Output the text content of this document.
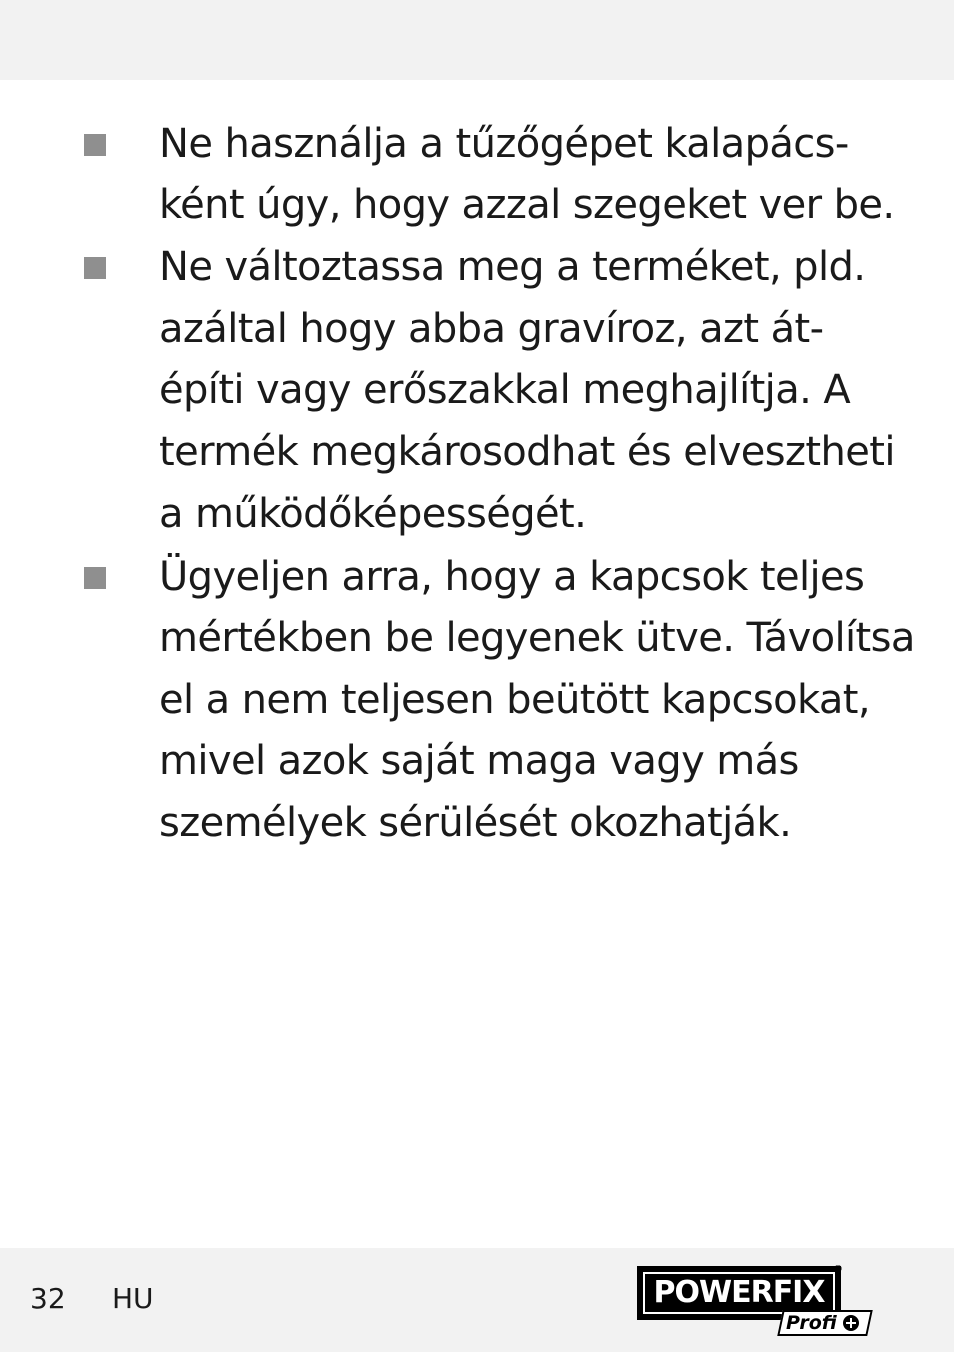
Ne használja a tűzőgépet kalapács-
ként úgy, hogy azzal szegeket ver be.
Ne változtassa meg a terméket, pld.
azáltal hogy abba gravíroz, azt át-
építi vagy erőszakkal meghajlítja. A
termék megkárosodhat és elvesztheti
a működőképességét.
Ügyeljen arra, hogy a kapcsok teljes
mértékben be legyenek ütve. Távolítsa
el a nem teljesen beütött kapcsokat,
mivel azok saját maga vagy más
személyek sérülését okozhatják.
32 HU	POWERFIX
®
Profi
